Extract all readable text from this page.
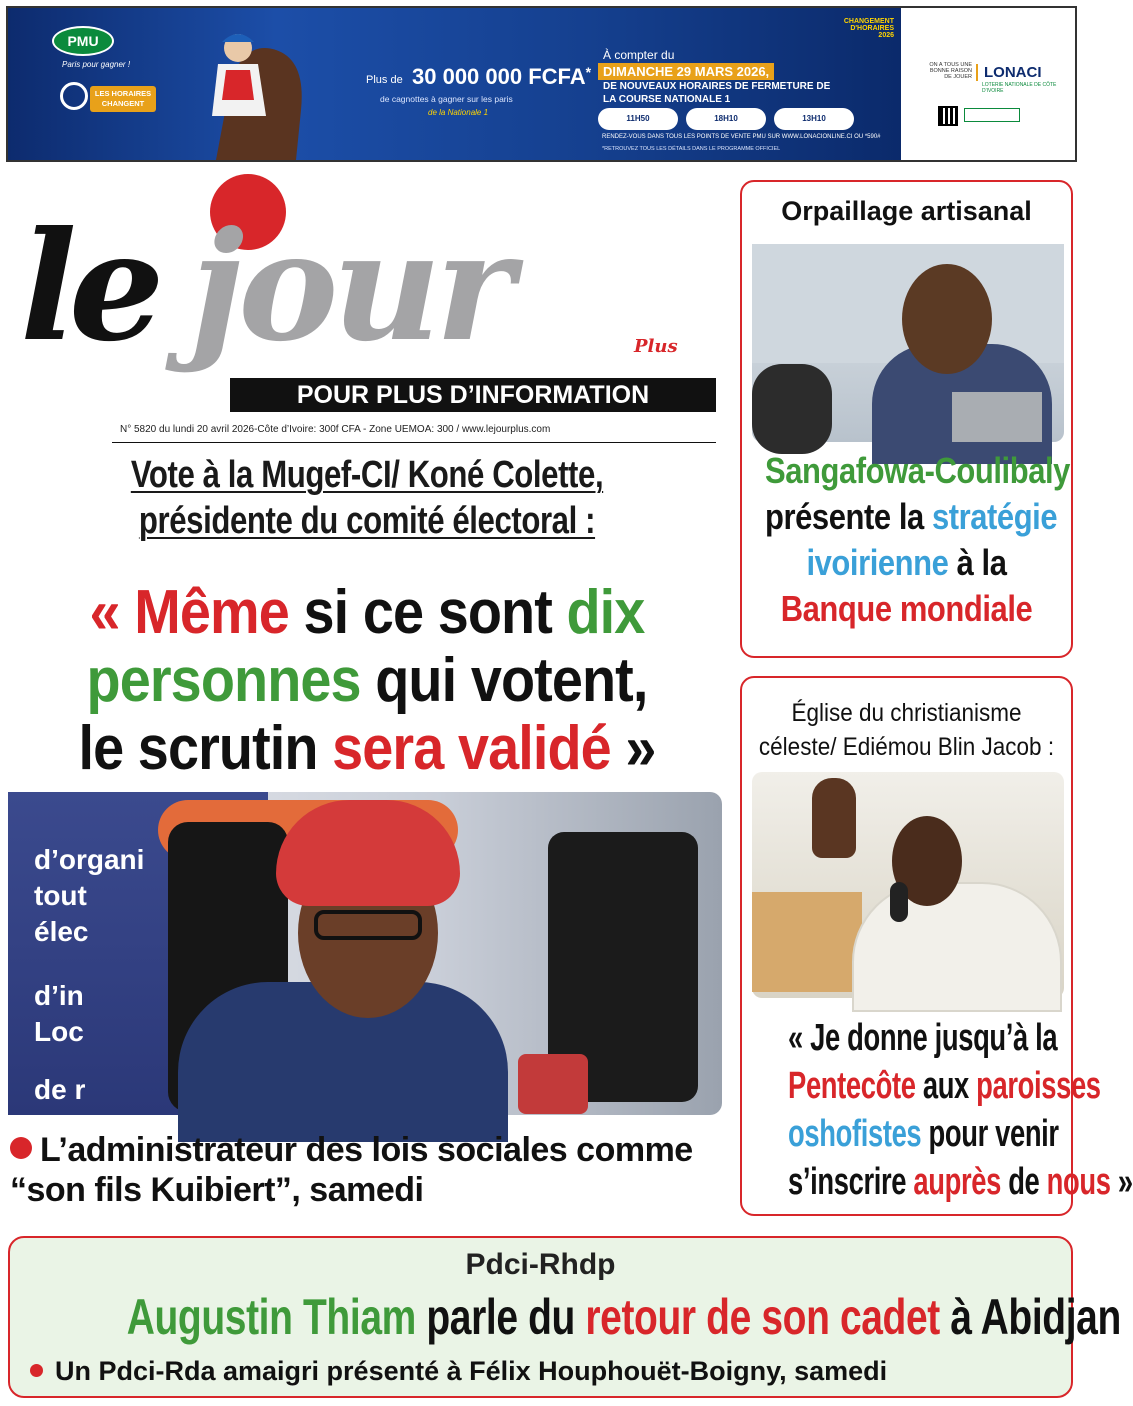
PMU
Paris pour gagner !
LES HORAIRES CHANGENT
Plus de 30 000 000 FCFA*
de cagnottes à gagner sur les paris
de la Nationale 1
À compter du
DIMANCHE 29 MARS 2026,
DE NOUVEAUX HORAIRES DE FERMETURE DE LA COURSE NATIONALE 1
11H50	18H10	13H10
RENDEZ-VOUS DANS TOUS LES POINTS DE VENTE PMU SUR WWW.LONACIONLINE.CI OU *590#
*RETROUVEZ TOUS LES DÉTAILS DANS LE PROGRAMME OFFICIEL
CHANGEMENT D'HORAIRES 2026
ON A TOUS UNE BONNE RAISON DE JOUER LONACI
LOTERIE NATIONALE DE CÔTE D'IVOIRE
le jour	Plus
POUR PLUS D’INFORMATION
N° 5820 du lundi 20 avril 2026-Côte d’Ivoire: 300f CFA - Zone UEMOA: 300 / www.lejourplus.com
Vote à la Mugef-CI/ Koné Colette,
présidente du comité électoral :
« Même si ce sont dix
personnes qui votent,
le scrutin sera validé »
d’organi
tout
élec
d’in
Loc
de r
L’administrateur des lois sociales comme “son fils Kuibiert”, samedi
Orpaillage artisanal
Sangafowa-Coulibaly
présente la stratégie
ivoirienne à la
Banque mondiale
Église du christianisme
céleste/ Ediémou Blin Jacob :
« Je donne jusqu’à la
Pentecôte aux paroisses
oshofistes pour venir
s’inscrire auprès de nous »
Pdci-Rhdp
Augustin Thiam parle du retour de son cadet à Abidjan
Un Pdci-Rda amaigri présenté à Félix Houphouët-Boigny, samedi
